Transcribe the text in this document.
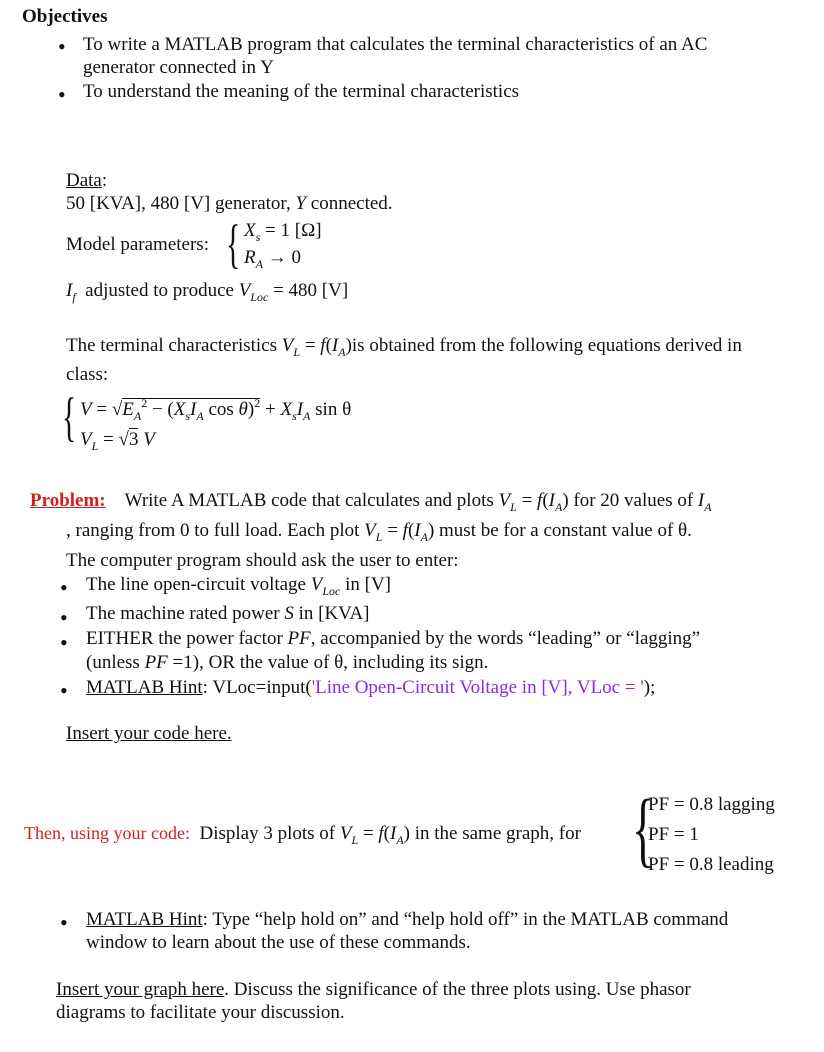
Objectives
• To write a MATLAB program that calculates the terminal characteristics of an AC
generator connected in Y
• To understand the meaning of the terminal characteristics
Data:
50 [KVA], 480 [V] generator, Y connected.
Model parameters: { $X_s = 1$ [Ω]
$R_A \to 0$
$I_f$ adjusted to produce $V_{Loc} = 480$ [V]
The terminal characteristics $V_L = f(I_A)is$ obtained from the following equations derived in
class:
{ $V = √E_A^2 - (X_sI_A$ $\cos \theta)^2 + X_sI_A$ sin θ
$V_L = √3$ V
Problem: Write A MATLAB code that calculates and plots $V_L = f(I_A)$ for 20 values of $I_A$
, ranging from 0 to full load. Each plot $V_L = f(I_A)$ must be for a constant value of θ.
The computer program should ask the user to enter:
• The line open-circuit voltage $V_{Loc}$ in [V]
• The machine rated power S in [KVA]
• EITHER the power factor PF, accompanied by the words “leading” or “lagging”
(unless PF =1), OR the value of θ, including its sign.
• MATLAB Hint: VLoc=input('Line Open-Circuit Voltage in [V], VLoc = ');
Insert your code here.
{
PF = 0.8 lagging
PF = 1
PF = 0.8 leading
Then, using your code: Display 3 plots of $V_L = f(I_A)$ in the same graph, for
• MATLAB Hint: Type “help hold on” and “help hold off” in the MATLAB command
window to learn about the use of these commands.
Insert your graph here. Discuss the significance of the three plots using. Use phasor
diagrams to facilitate your discussion.
